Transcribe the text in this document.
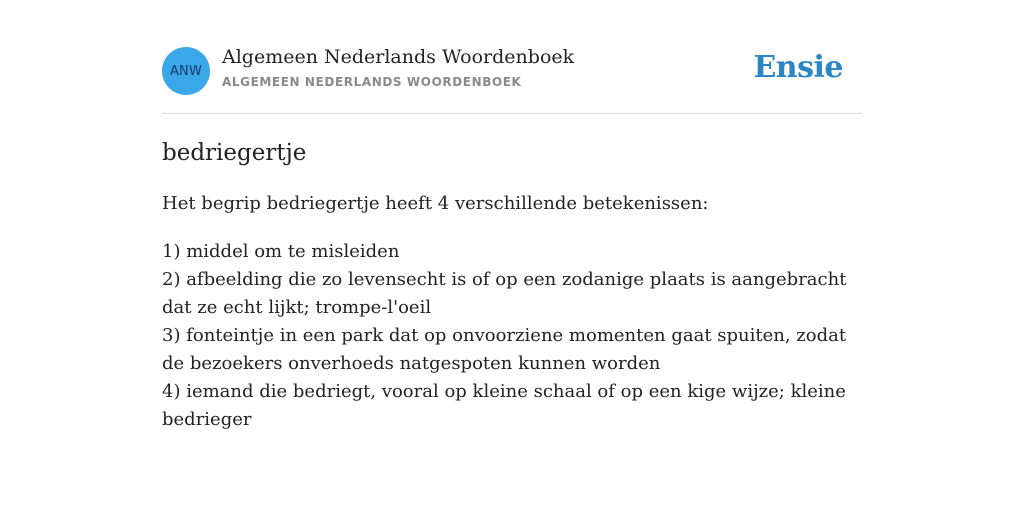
ANW
Algemeen Nederlands Woordenboek
ALGEMEEN NEDERLANDS WOORDENBOEK	Ensie
bedriegertje
Het begrip bedriegertje heeft 4 verschillende betekenissen:
1) middel om te misleiden
2) afbeelding die zo levensecht is of op een zodanige plaats is aangebracht dat ze echt lijkt; trompe-l'oeil
3) fonteintje in een park dat op onvoorziene momenten gaat spuiten, zodat de bezoekers onverhoeds natgespoten kunnen worden
4) iemand die bedriegt, vooral op kleine schaal of op een kige wijze; kleine bedrieger
